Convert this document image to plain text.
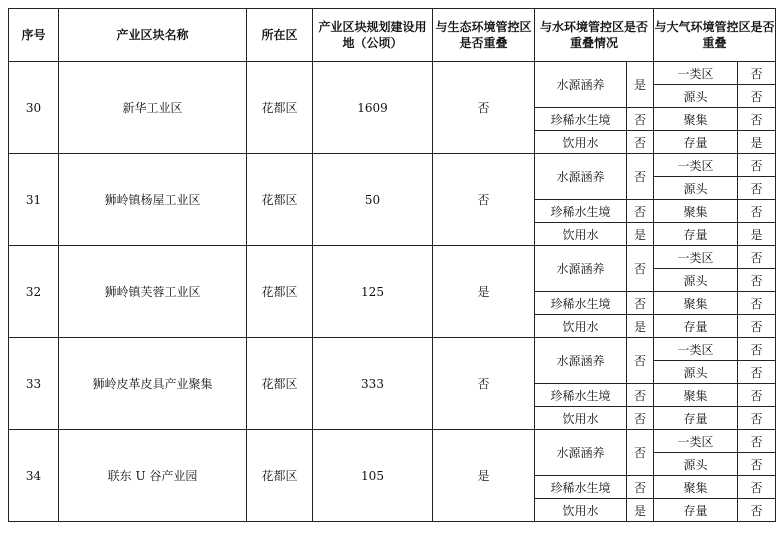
序号	产业区块名称	所在区	产业区块规划建设用地（公顷）	与生态环境管控区是否重叠	与水环境管控区是否重叠情况		与大气环境管控区是否重叠	
30	新华工业区	花都区	1609	否	水源涵养	是	一类区	否
							源头	否
					珍稀水生境	否	聚集	否
					饮用水	否	存量	是
31	狮岭镇杨屋工业区	花都区	50	否	水源涵养	否	一类区	否
							源头	否
					珍稀水生境	否	聚集	否
					饮用水	是	存量	是
32	狮岭镇芙蓉工业区	花都区	125	是	水源涵养	否	一类区	否
							源头	否
					珍稀水生境	否	聚集	否
					饮用水	是	存量	否
33	狮岭皮革皮具产业聚集	花都区	333	否	水源涵养	否	一类区	否
							源头	否
					珍稀水生境	否	聚集	否
					饮用水	否	存量	否
34	联东 U 谷产业园	花都区	105	是	水源涵养	否	一类区	否
							源头	否
					珍稀水生境	否	聚集	否
					饮用水	是	存量	否
